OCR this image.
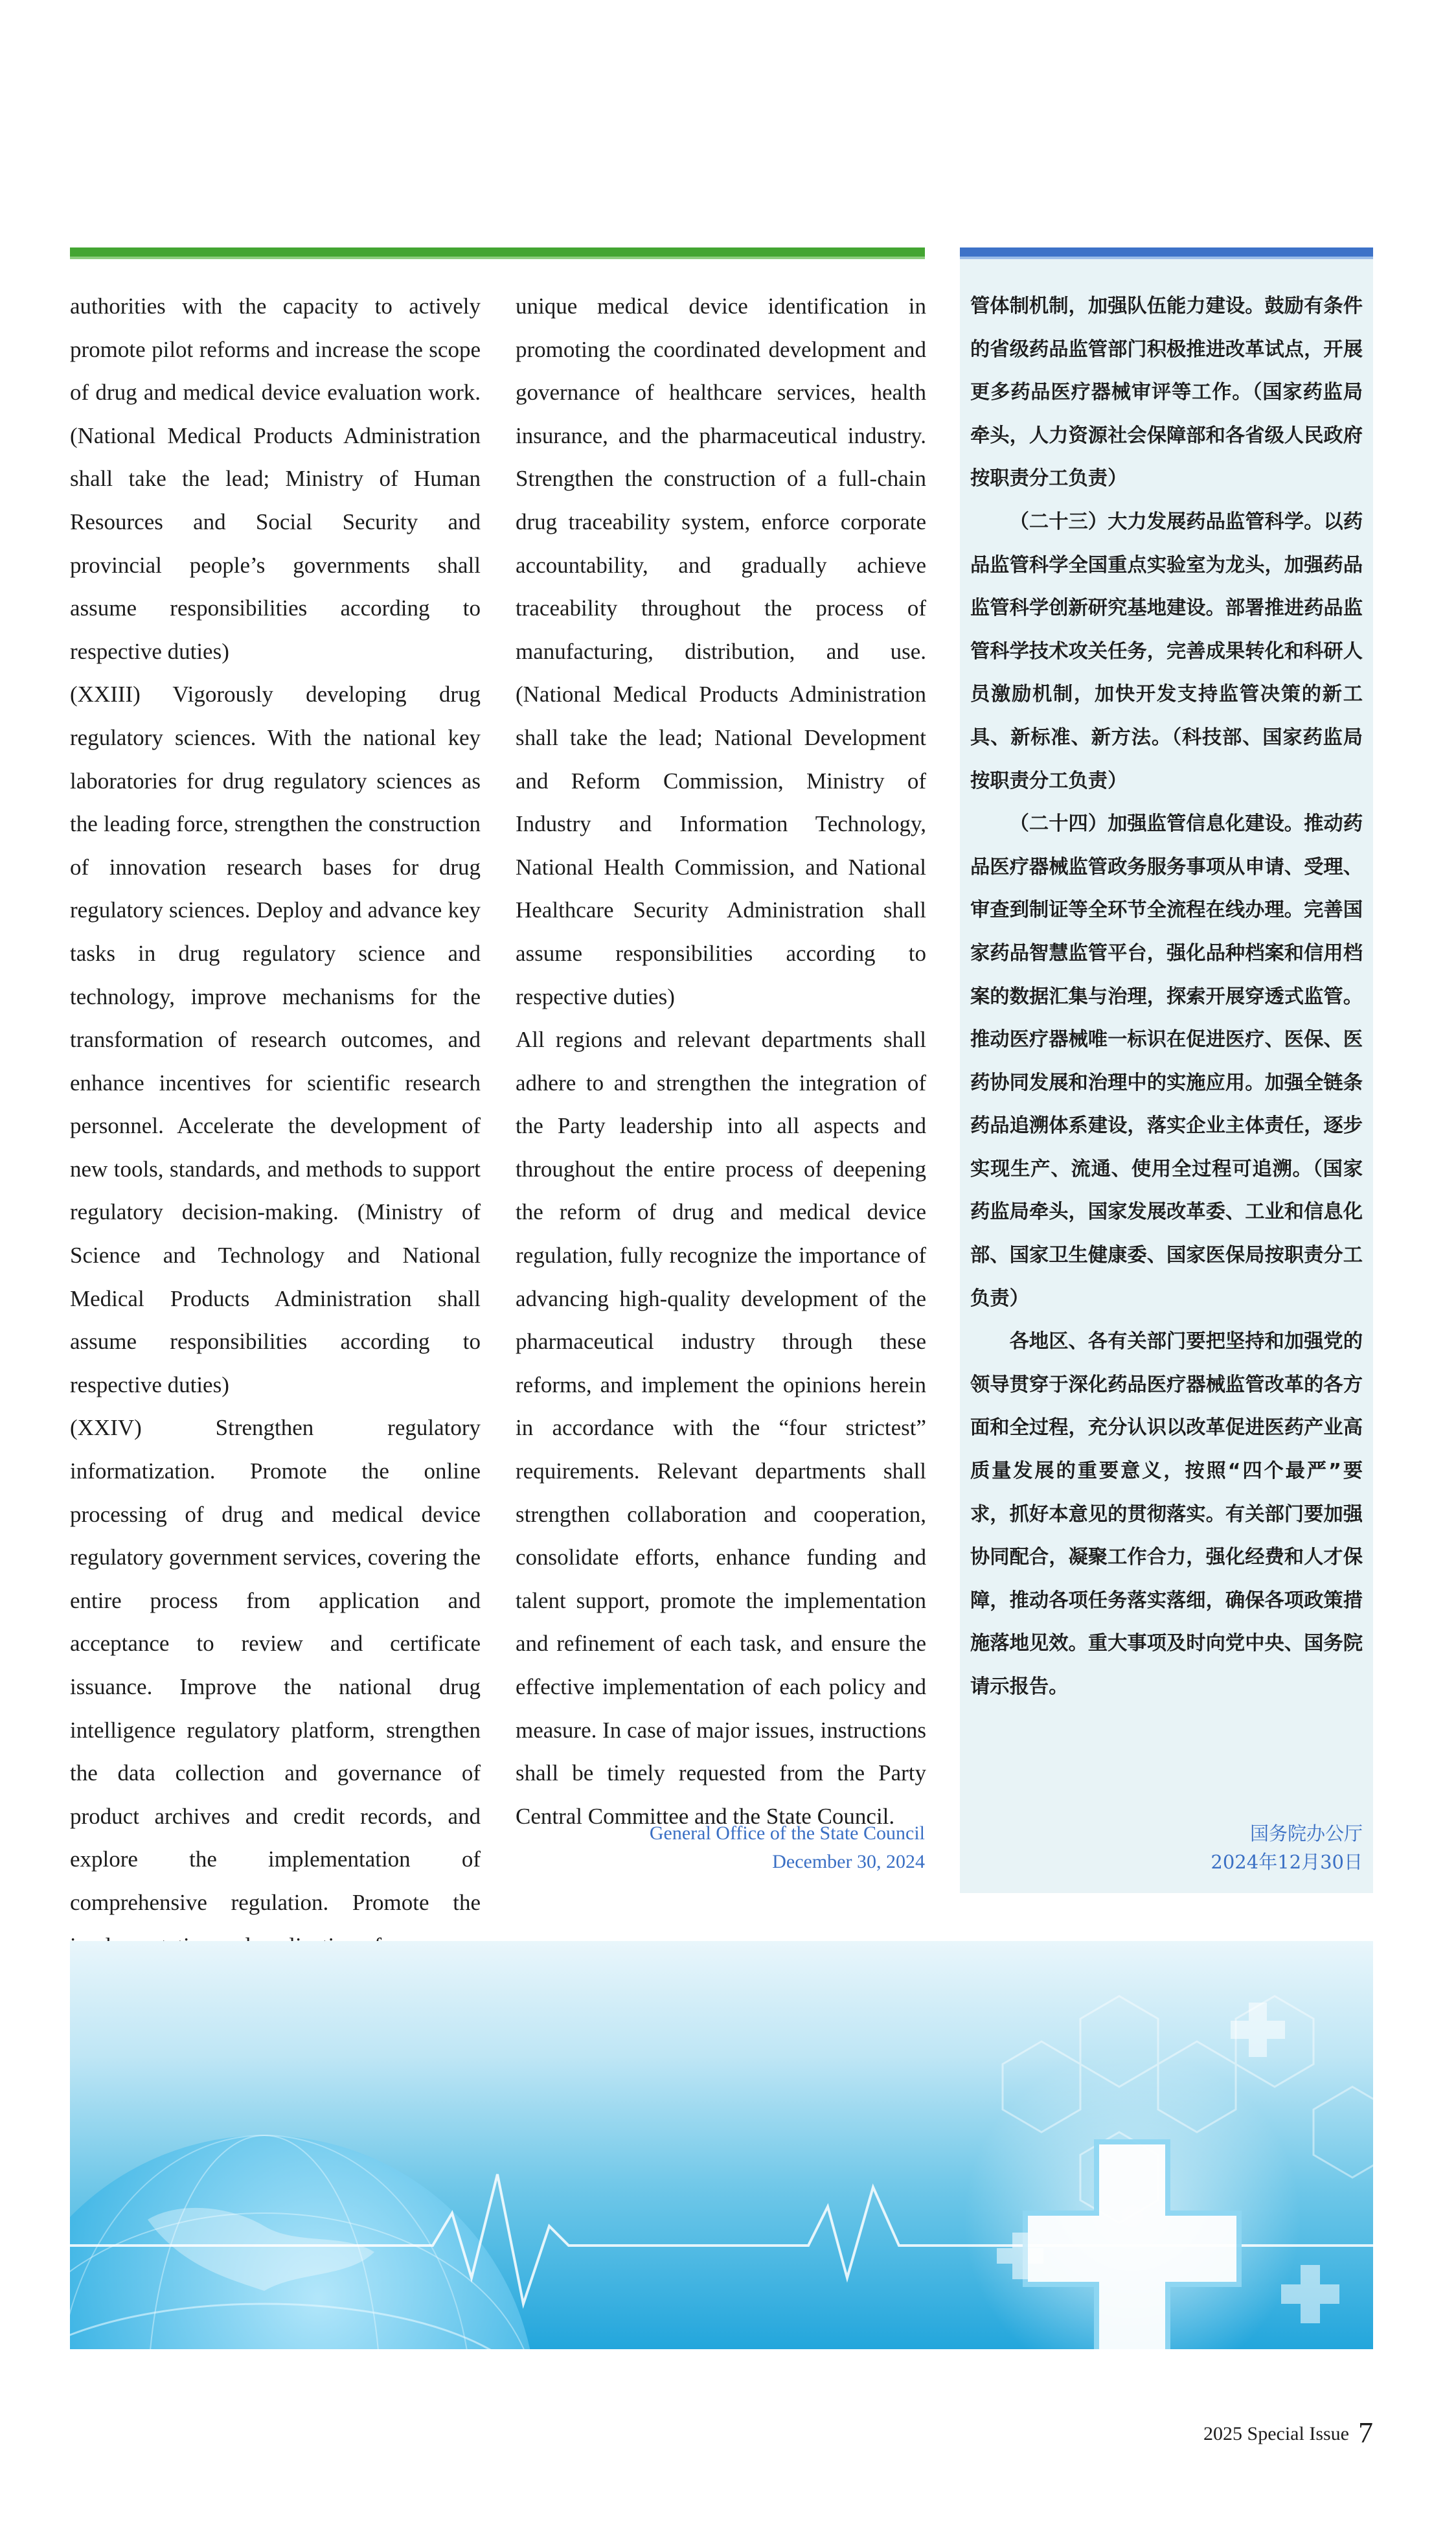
authorities with the capacity to actively promote pilot reforms and increase the scope of drug and medical device evaluation work. (National Medical Products Administration shall take the lead; Ministry of Human Resources and Social Security and provincial people’s governments shall assume responsibilities according to respective duties)

(XXIII) Vigorously developing drug regulatory sciences. With the national key laboratories for drug regulatory sciences as the leading force, strengthen the construction of innovation research bases for drug regulatory sciences. Deploy and advance key tasks in drug regulatory science and technology, improve mechanisms for the transformation of research outcomes, and enhance incentives for scientific research personnel. Accelerate the development of new tools, standards, and methods to support regulatory decision-making. (Ministry of Science and Technology and National Medical Products Administration shall assume responsibilities according to respective duties)

(XXIV) Strengthen regulatory informatization. Promote the online processing of drug and medical device regulatory government services, covering the entire process from application and acceptance to review and certificate issuance. Improve the national drug intelligence regulatory platform, strengthen the data collection and governance of product archives and credit records, and explore the implementation of comprehensive regulation. Promote the

unique medical device identification in promoting the coordinated development and governance of healthcare services, health insurance, and the pharmaceutical industry. Strengthen the construction of a full-chain drug traceability system, enforce corporate accountability, and gradually achieve traceability throughout the process of manufacturing, distribution, and use. (National Medical Products Administration shall take the lead; National Development and Reform Commission, Ministry of Industry and Information Technology, National Health Commission, and National Healthcare Security Administration shall assume responsibilities according to respective duties)

All regions and relevant departments shall adhere to and strengthen the integration of the Party leadership into all aspects and throughout the entire process of deepening the reform of drug and medical device regulation, fully recognize the importance of advancing high-quality development of the pharmaceutical industry through these reforms, and implement the opinions herein in accordance with the “four strictest” requirements. Relevant departments shall strengthen collaboration and cooperation, consolidate efforts, enhance funding and talent support, promote the implementation and refinement of each task, and ensure the effective implementation of each policy and measure. In case of major issues, instructions shall be timely requested from the Party Central Committee and the State Council.

General Office of the State Council
December 30, 2024

管体制机制，加强队伍能力建设。鼓励有条件的省级药品监管部门积极推进改革试点，开展更多药品医疗器械审评等工作。（国家药监局牵头，人力资源社会保障部和各省级人民政府按职责分工负责）

（二十三）大力发展药品监管科学。以药品监管科学全国重点实验室为龙头，加强药品监管科学创新研究基地建设。部署推进药品监管科学技术攻关任务，完善成果转化和科研人员激励机制，加快开发支持监管决策的新工具、新标准、新方法。（科技部、国家药监局按职责分工负责）

（二十四）加强监管信息化建设。推动药品医疗器械监管政务服务事项从申请、受理、审查到制证等全环节全流程在线办理。完善国家药品智慧监管平台，强化品种档案和信用档案的数据汇集与治理，探索开展穿透式监管。推动医疗器械唯一标识在促进医疗、医保、医药协同发展和治理中的实施应用。加强全链条药品追溯体系建设，落实企业主体责任，逐步实现生产、流通、使用全过程可追溯。（国家药监局牵头，国家发展改革委、工业和信息化部、国家卫生健康委、国家医保局按职责分工负责）

各地区、各有关部门要把坚持和加强党的领导贯穿于深化药品医疗器械监管改革的各方面和全过程，充分认识以改革促进医药产业高质量发展的重要意义，按照“四个最严”要求，抓好本意见的贯彻落实。有关部门要加强协同配合，凝聚工作合力，强化经费和人才保障，推动各项任务落实落细，确保各项政策措施落地见效。重大事项及时向党中央、国务院请示报告。

国务院办公厅
2024年12月30日
2025 Special Issue 7
